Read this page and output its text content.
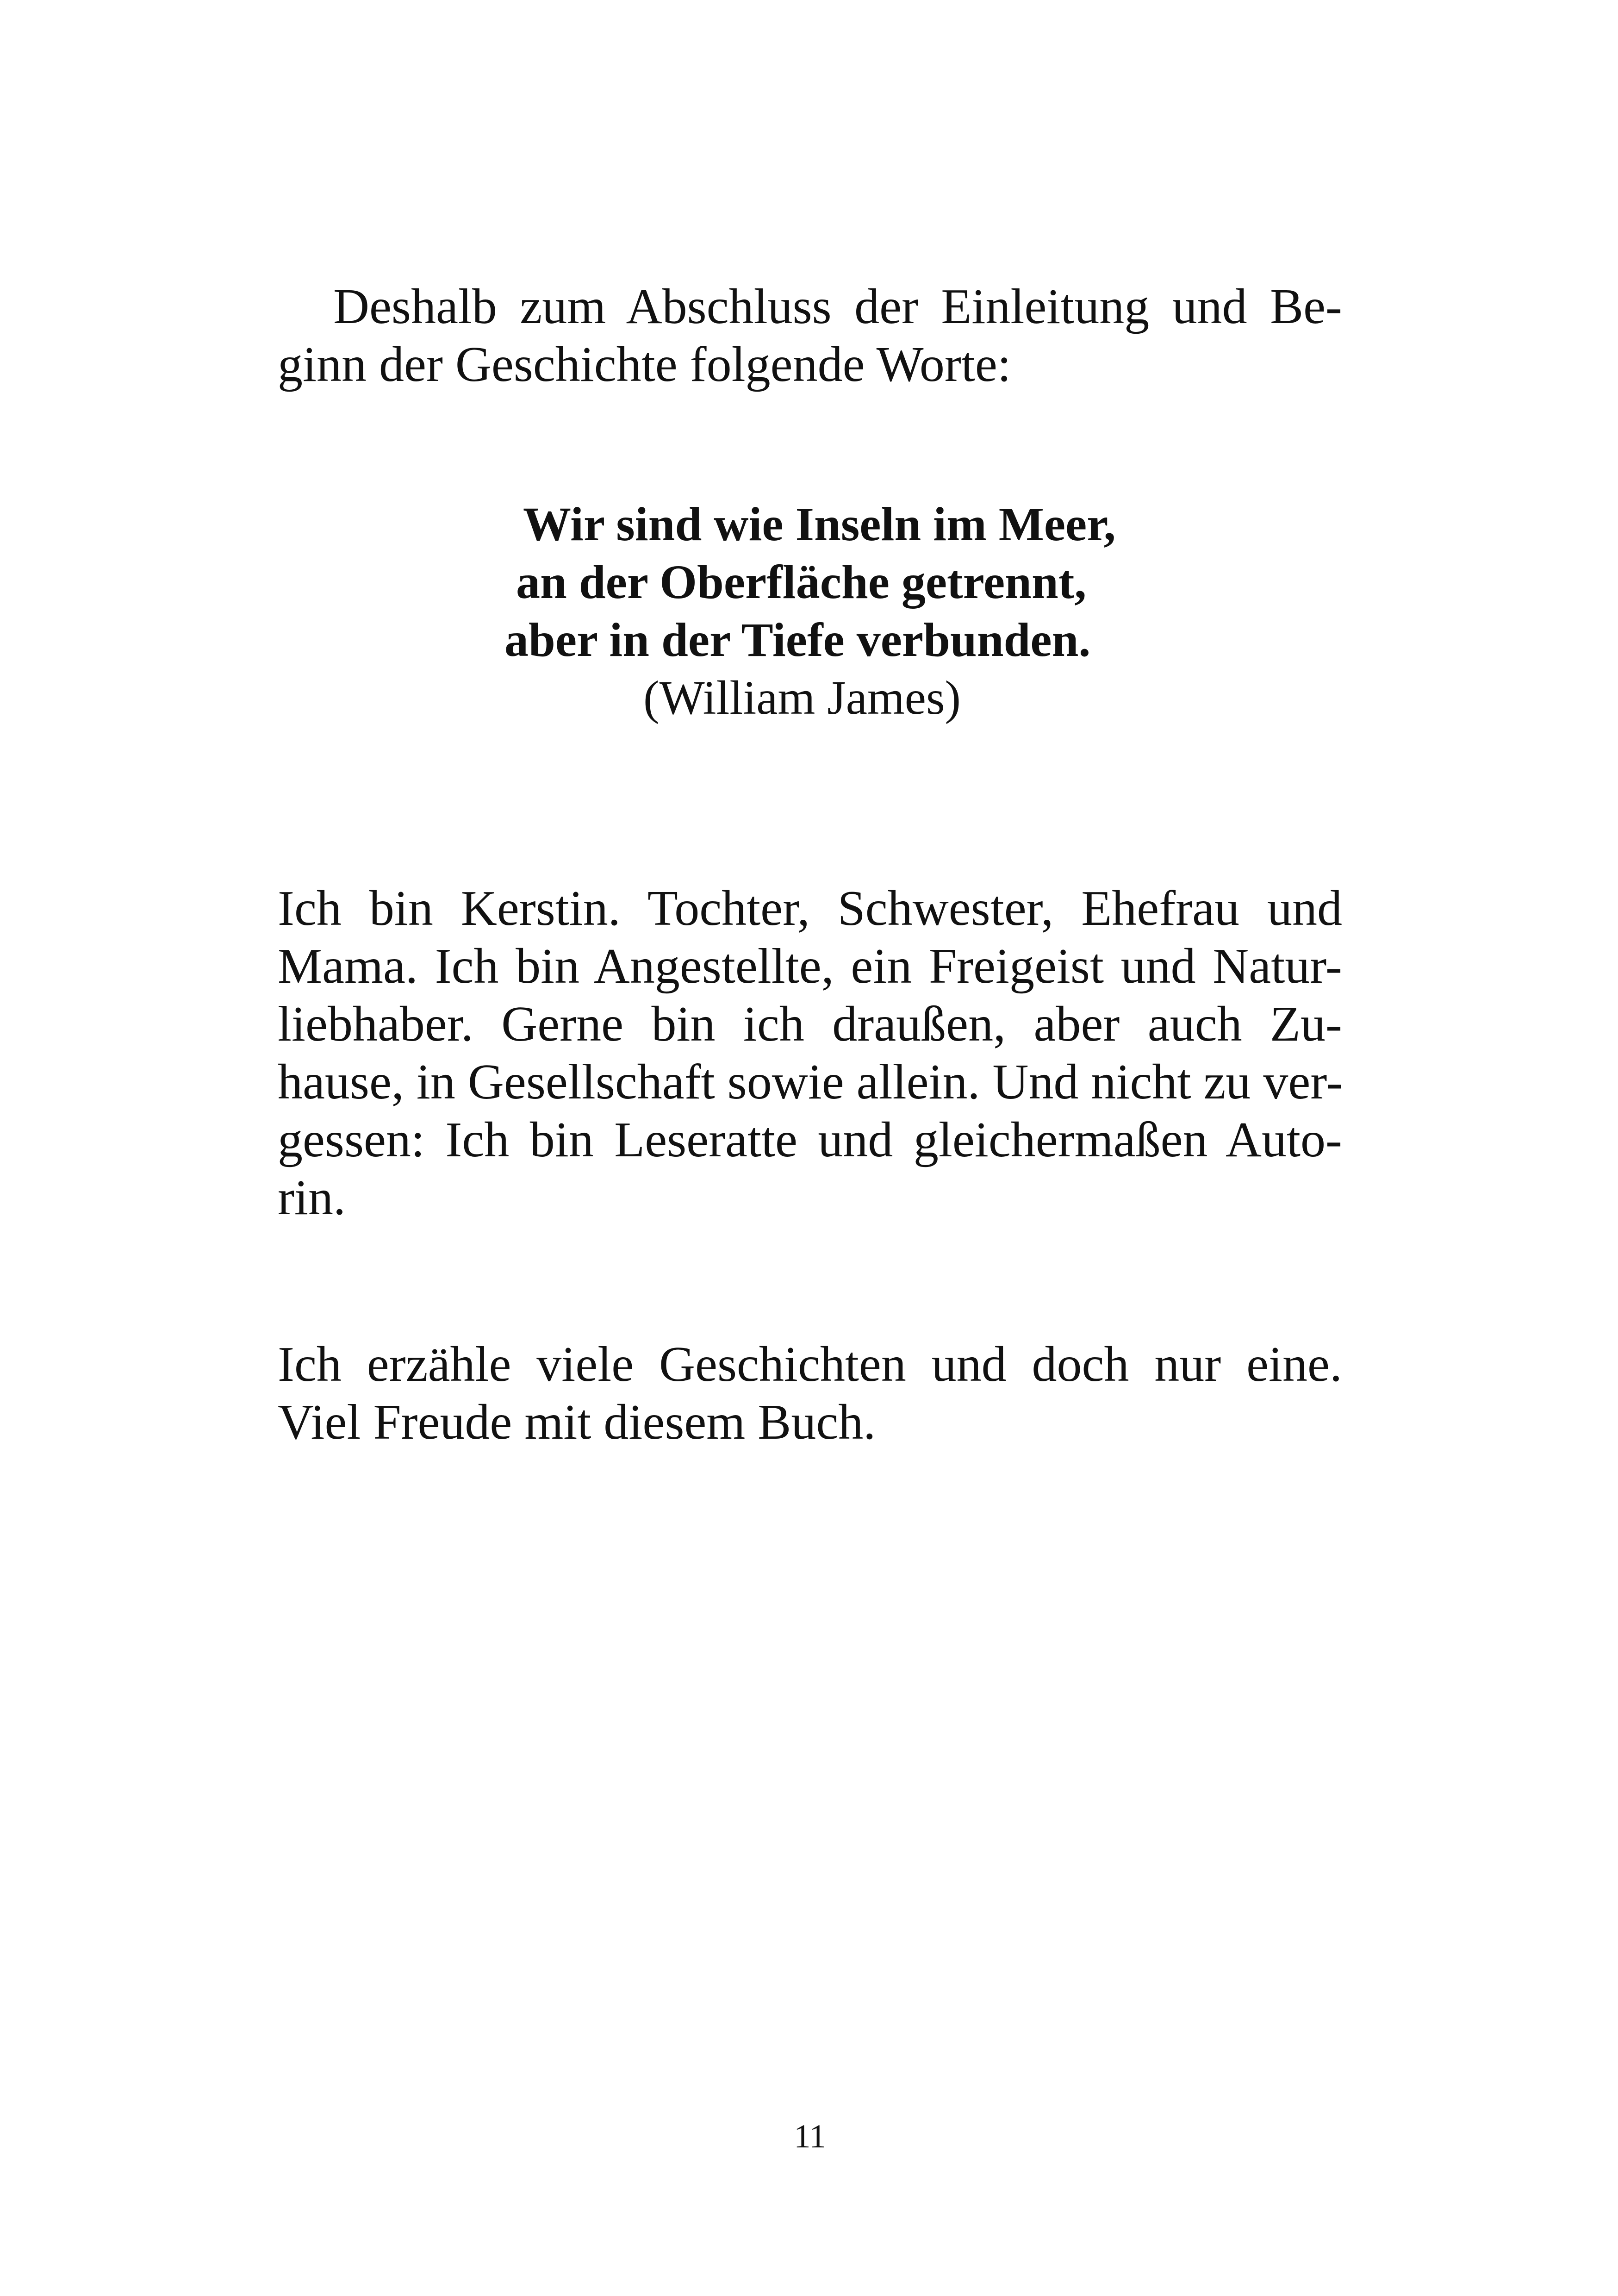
Deshalb zum Abschluss der Einleitung und Be-
ginn der Geschichte folgende Worte:
Wir sind wie Inseln im Meer,
an der Oberfläche getrennt,
aber in der Tiefe verbunden.
(William James)
Ich bin Kerstin. Tochter, Schwester, Ehefrau und
Mama. Ich bin Angestellte, ein Freigeist und Natur-
liebhaber. Gerne bin ich draußen, aber auch Zu-
hause, in Gesellschaft sowie allein. Und nicht zu ver-
gessen: Ich bin Leseratte und gleichermaßen Auto-
rin.
Ich erzähle viele Geschichten und doch nur eine.
Viel Freude mit diesem Buch.
11
